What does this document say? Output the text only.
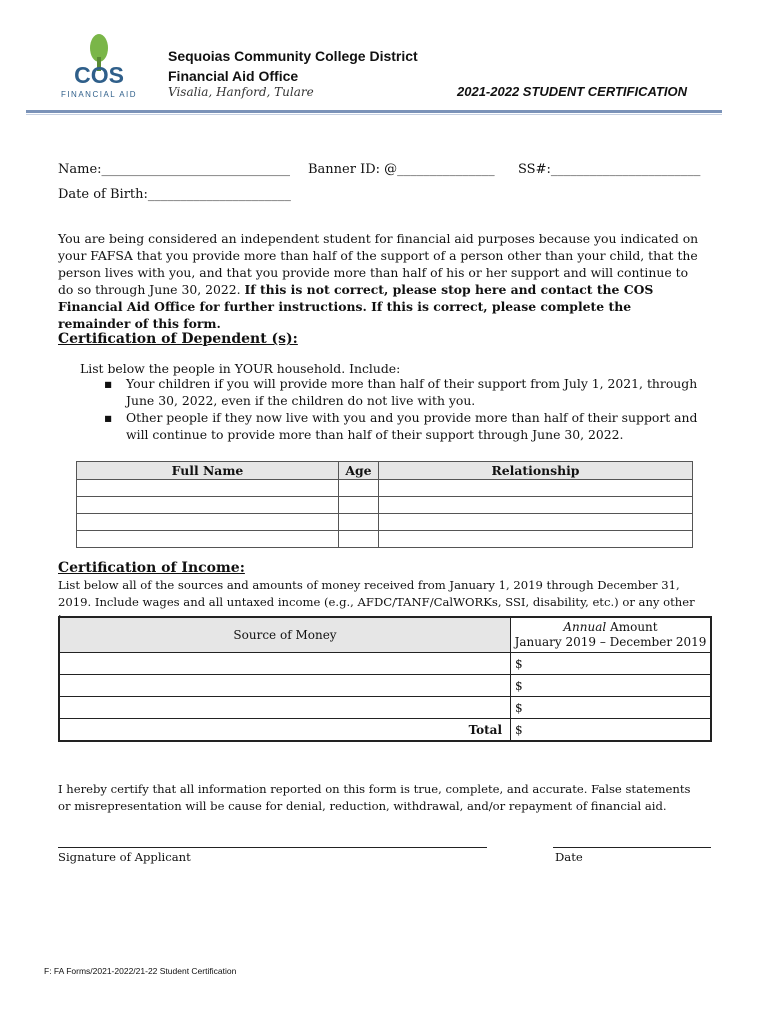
COS
FINANCIAL AID
Sequoias Community College District
Financial Aid Office
Visalia, Hanford, Tulare	2021-2022 STUDENT CERTIFICATION
Name:_____________________________ Banner ID: @_______________ SS#:_______________________
Date of Birth:______________________
You are being considered an independent student for financial aid purposes because you indicated on your FAFSA that you provide more than half of the support of a person other than your child, that the person lives with you, and that you provide more than half of his or her support and will continue to do so through June 30, 2022. If this is not correct, please stop here and contact the COS Financial Aid Office for further instructions. If this is correct, please complete the remainder of this form.
Certification of Dependent (s):
List below the people in YOUR household. Include:
▪ Your children if you will provide more than half of their support from July 1, 2021, through June 30, 2022, even if the children do not live with you.
▪ Other people if they now live with you and you provide more than half of their support and will continue to provide more than half of their support through June 30, 2022.
Full Name	Age	Relationship

Certification of Income:
List below all of the sources and amounts of money received from January 1, 2019 through December 31, 2019. Include wages and all untaxed income (e.g., AFDC/TANF/CalWORKs, SSI, disability, etc.) or any other
Source of Money	Annual Amount
January 2019 – December 2019

	$
	$
	$
Total	$
I hereby certify that all information reported on this form is true, complete, and accurate. False statements or misrepresentation will be cause for denial, reduction, withdrawal, and/or repayment of financial aid.
Signature of Applicant	Date
F: FA Forms/2021-2022/21-22 Student Certification
